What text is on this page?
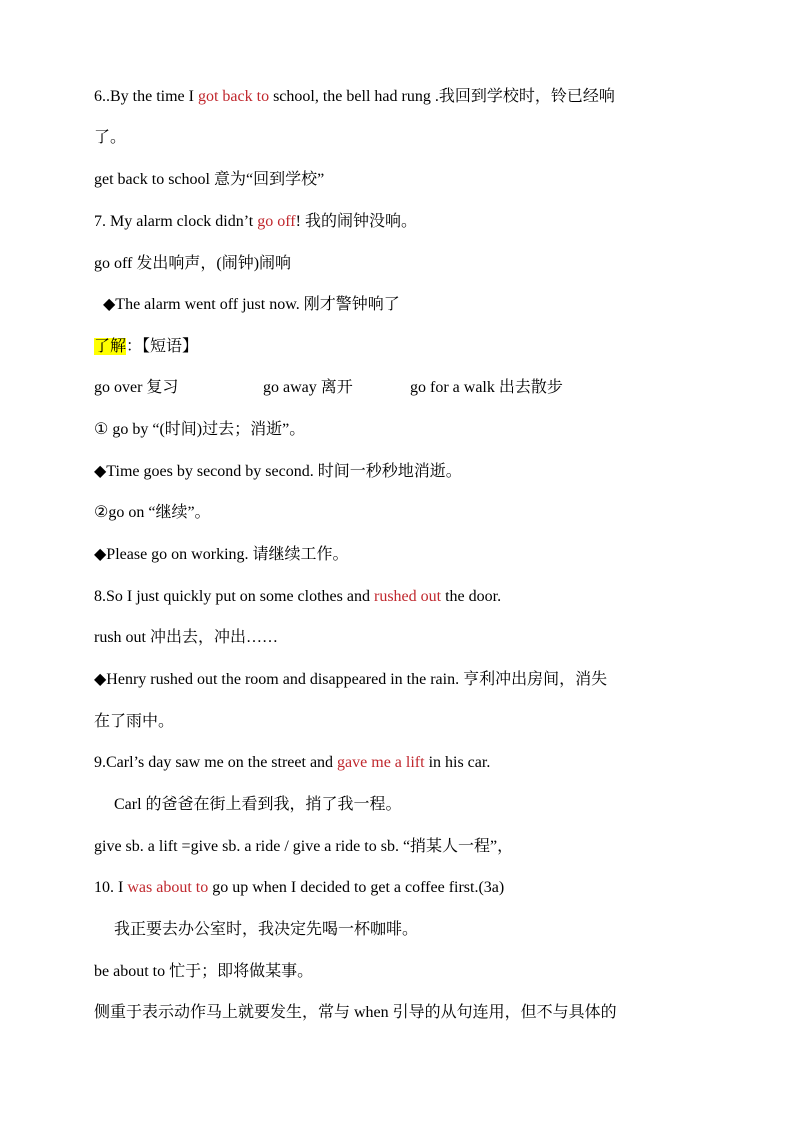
6..By the time I got back to school, the bell had rung .我回到学校时，铃已经响
了。
get back to school 意为“回到学校”
7. My alarm clock didn’t go off! 我的闹钟没响。
go off 发出响声，(闹钟)闹响
◆The alarm went off just now. 刚才警钟响了
了解：【短语】
go over 复习	go away 离开	go for a walk 出去散步
① go by “(时间)过去；消逝”。
◆Time goes by second by second. 时间一秒秒地消逝。
②go on “继续”。
◆Please go on working. 请继续工作。
8.So I just quickly put on some clothes and rushed out the door.
rush out 冲出去，冲出……
◆Henry rushed out the room and disappeared in the rain. 亨利冲出房间，消失
在了雨中。
9.Carl’s day saw me on the street and gave me a lift in his car.
Carl 的爸爸在街上看到我，捎了我一程。
give sb. a lift =give sb. a ride / give a ride to sb. “捎某人一程”，
10. I was about to go up when I decided to get a coffee first.(3a)
我正要去办公室时，我决定先喝一杯咖啡。
be about to 忙于；即将做某事。
侧重于表示动作马上就要发生，常与 when 引导的从句连用，但不与具体的
